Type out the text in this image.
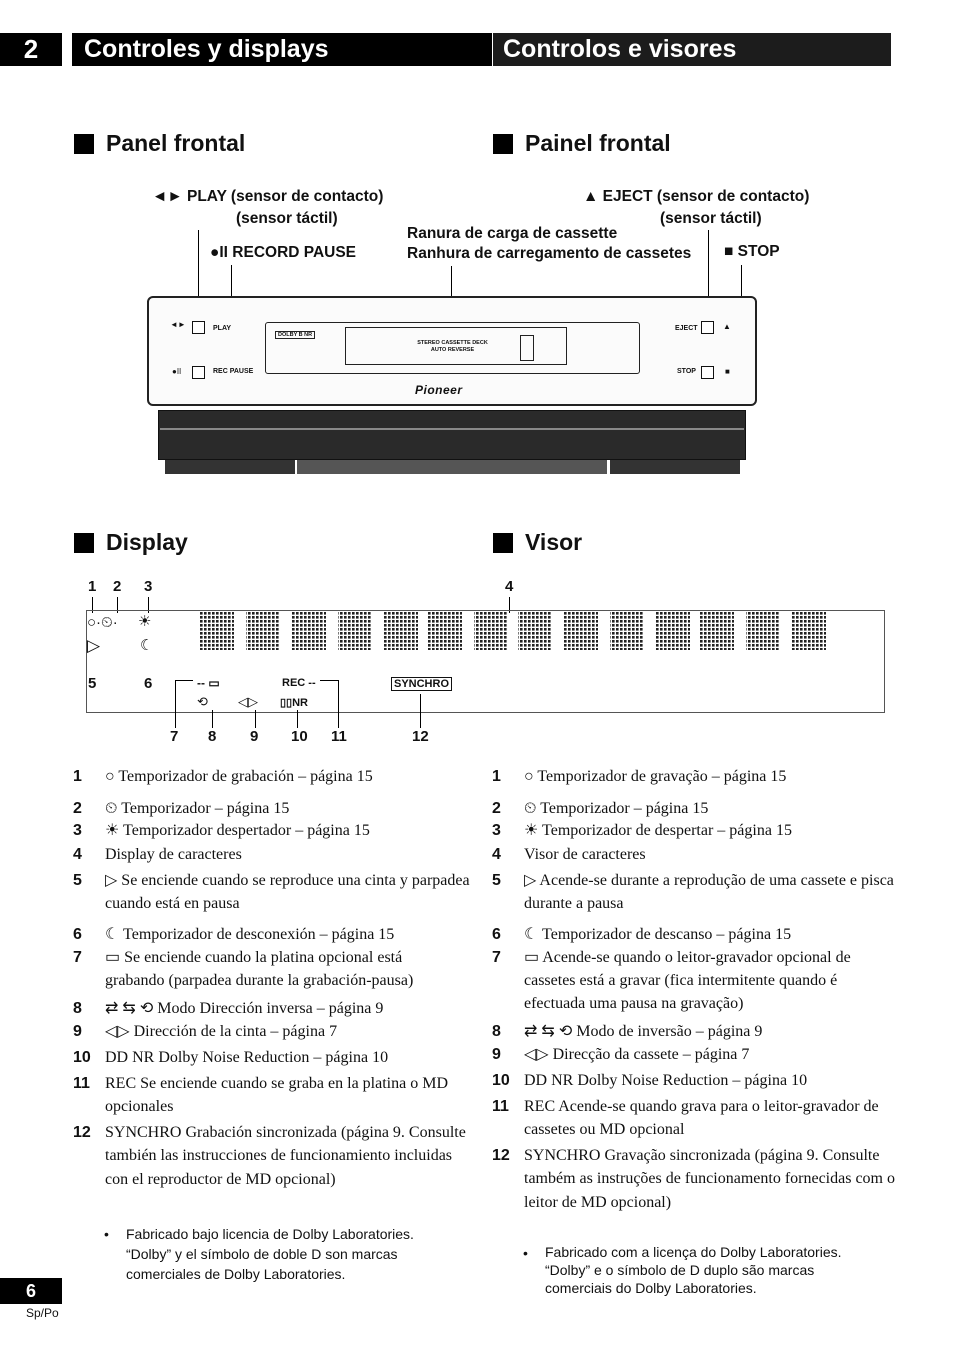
2	Controles y displays	Controlos e visores
Panel frontal	Painel frontal
Display	Visor
◄► PLAY (sensor de contacto)
(sensor táctil)
●II RECORD PAUSE
Ranura de carga de cassette
Ranhura de carregamento de cassetes
▲ EJECT (sensor de contacto)
(sensor táctil)
■ STOP
◄►	PLAY
●II	REC PAUSE
DOLBY B NR
STEREO CASSETTE DECK
AUTO REVERSE
Pioneer
EJECT	▲
STOP	■
1 2 3	4
○·⏲· ☀
▷	☾
5	6	-- ▭
⟲ ◁▷ ▯▯NR
REC --	SYNCHRO
7 8 9 10 11	12
1 ○ Temporizador de grabación – página 15
2 ⏲ Temporizador – página 15
3 ☀ Temporizador despertador – página 15
4 Display de caracteres
5 ▷ Se enciende cuando se reproduce una cinta y parpadea
cuando está en pausa
6 ☾ Temporizador de desconexión – página 15
7 ▭ Se enciende cuando la platina opcional está
grabando (parpadea durante la grabación-pausa)
8 ⇄ ⇆ ⟲ Modo Dirección inversa – página 9
9 ◁▷ Dirección de la cinta – página 7
10 DD NR Dolby Noise Reduction – página 10
11 REC Se enciende cuando se graba en la platina o MD
opcionales
12 SYNCHRO Grabación sincronizada (página 9. Consulte
también las instrucciones de funcionamiento incluidas
con el reproductor de MD opcional)
1 ○ Temporizador de gravação – página 15
2 ⏲ Temporizador – página 15
3 ☀ Temporizador de despertar – página 15
4 Visor de caracteres
5 ▷ Acende-se durante a reprodução de uma cassete e pisca
durante a pausa
6 ☾ Temporizador de descanso – página 15
7 ▭ Acende-se quando o leitor-gravador opcional de
cassetes está a gravar (fica intermitente quando é
efectuada uma pausa na gravação)
8 ⇄ ⇆ ⟲ Modo de inversão – página 9
9 ◁▷ Direcção da cassete – página 7
10 DD NR Dolby Noise Reduction – página 10
11 REC Acende-se quando grava para o leitor-gravador de
cassetes ou MD opcional
12 SYNCHRO Gravação sincronizada (página 9. Consulte
também as instruções de funcionamento fornecidas com o
leitor de MD opcional)
• Fabricado bajo licencia de Dolby Laboratories.
“Dolby” y el símbolo de doble D son marcas
comerciales de Dolby Laboratories.
• Fabricado com a licença do Dolby Laboratories.
“Dolby” e o símbolo de D duplo são marcas
comerciais do Dolby Laboratories.
6
Sp/Po
